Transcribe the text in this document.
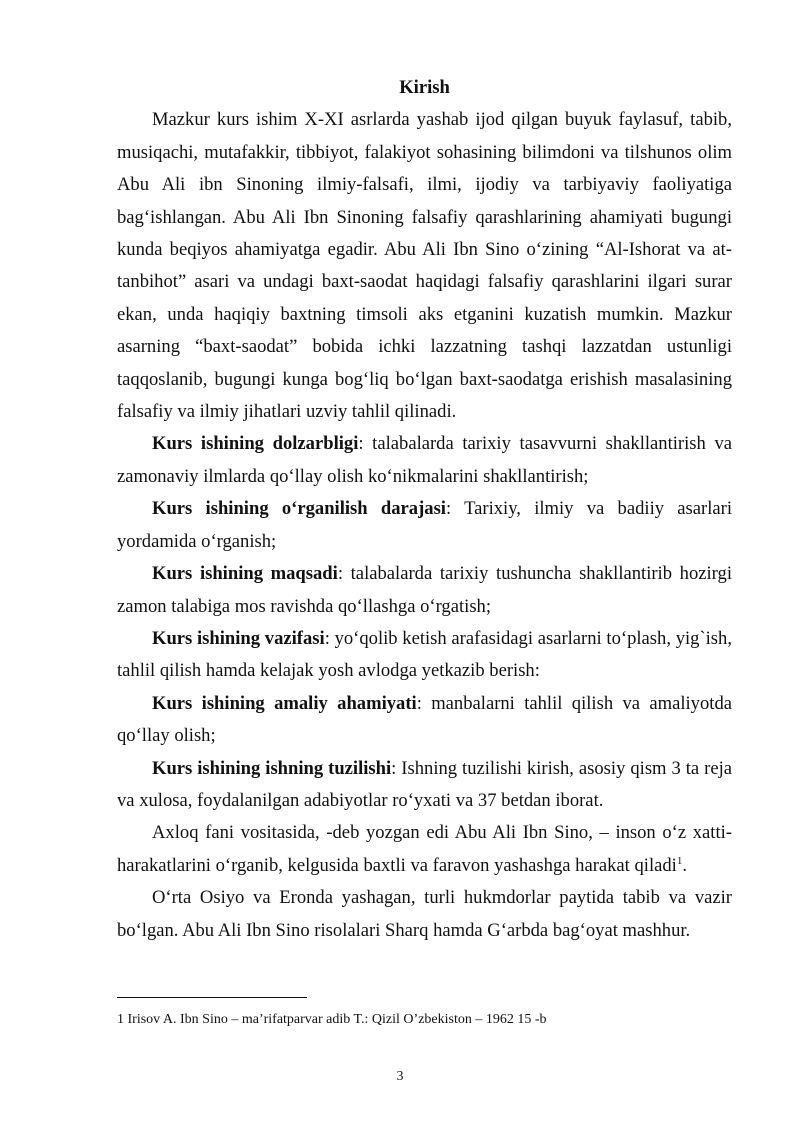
Kirish

Mazkur kurs ishim X-XI asrlarda yashab ijod qilgan buyuk faylasuf, tabib, musiqachi, mutafakkir, tibbiyot, falakiyot sohasining bilimdoni va tilshunos olim Abu Ali ibn Sinoning ilmiy-falsafi, ilmi, ijodiy va tarbiyaviy faoliyatiga bag‘ishlangan. Abu Ali Ibn Sinoning falsafiy qarashlarining ahamiyati bugungi kunda beqiyos ahamiyatga egadir. Abu Ali Ibn Sino o‘zining “Al-Ishorat va at-tanbihot” asari va undagi baxt-saodat haqidagi falsafiy qarashlarini ilgari surar ekan, unda haqiqiy baxtning timsoli aks etganini kuzatish mumkin. Mazkur asarning “baxt-saodat” bobida ichki lazzatning tashqi lazzatdan ustunligi taqqoslanib, bugungi kunga bog‘liq bo‘lgan baxt-saodatga erishish masalasining falsafiy va ilmiy jihatlari uzviy tahlil qilinadi.

Kurs ishining dolzarbligi: talabalarda tarixiy tasavvurni shakllantirish va zamonaviy ilmlarda qo‘llay olish ko‘nikmalarini shakllantirish;

Kurs ishining o‘rganilish darajasi: Tarixiy, ilmiy va badiiy asarlari yordamida o‘rganish;

Kurs ishining maqsadi: talabalarda tarixiy tushuncha shakllantirib hozirgi zamon talabiga mos ravishda qo‘llashga o‘rgatish;

Kurs ishining vazifasi: yo‘qolib ketish arafasidagi asarlarni to‘plash, yig`ish, tahlil qilish hamda kelajak yosh avlodga yetkazib berish:

Kurs ishining amaliy ahamiyati: manbalarni tahlil qilish va amaliyotda qo‘llay olish;

Kurs ishining ishning tuzilishi: Ishning tuzilishi kirish, asosiy qism 3 ta reja va xulosa, foydalanilgan adabiyotlar ro‘yxati va 37 betdan iborat.

Axloq fani vositasida, -deb yozgan edi Abu Ali Ibn Sino, – inson o‘z xatti-harakatlarini o‘rganib, kelgusida baxtli va faravon yashashga harakat qiladi$^1$.

O‘rta Osiyo va Eronda yashagan, turli hukmdorlar paytida tabib va vazir bo‘lgan. Abu Ali Ibn Sino risolalari Sharq hamda G‘arbda bag‘oyat mashhur.

1 Irisov A. Ibn Sino – ma’rifatparvar adib T.: Qizil O’zbekiston – 1962 15 -b

3
